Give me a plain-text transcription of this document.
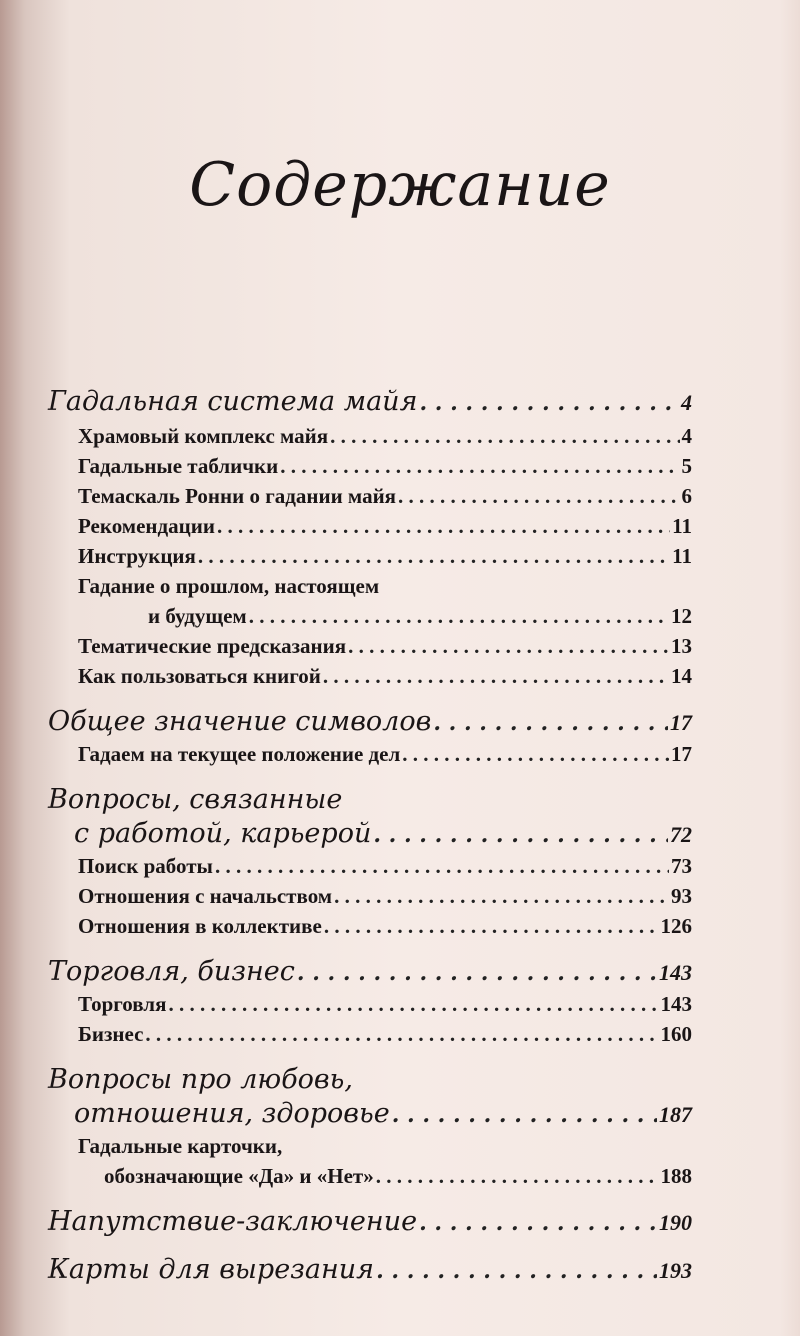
Содержание
Гадальная система майя . . .	4
Храмовый комплекс майя . . .	4
Гадальные таблички . . .	5
Темаскаль Ронни о гадании майя . . .	6
Рекомендации . . .	11
Инструкция . . .	11
Гадание о прошлом, настоящем
и будущем . . .	12
Тематические предсказания . . .	13
Как пользоваться книгой . . .	14
Общее значение символов . . .	17
Гадаем на текущее положение дел . . .	17
Вопросы, связанные
с работой, карьерой . . .	72
Поиск работы . . .	73
Отношения с начальством . . .	93
Отношения в коллективе . . .	126
Торговля, бизнес . . .	143
Торговля . . .	143
Бизнес . . .	160
Вопросы про любовь,
отношения, здоровье . . .	187
Гадальные карточки,
обозначающие «Да» и «Нет» . . .	188
Напутствие-заключение . . .	190
Карты для вырезания . . .	193
